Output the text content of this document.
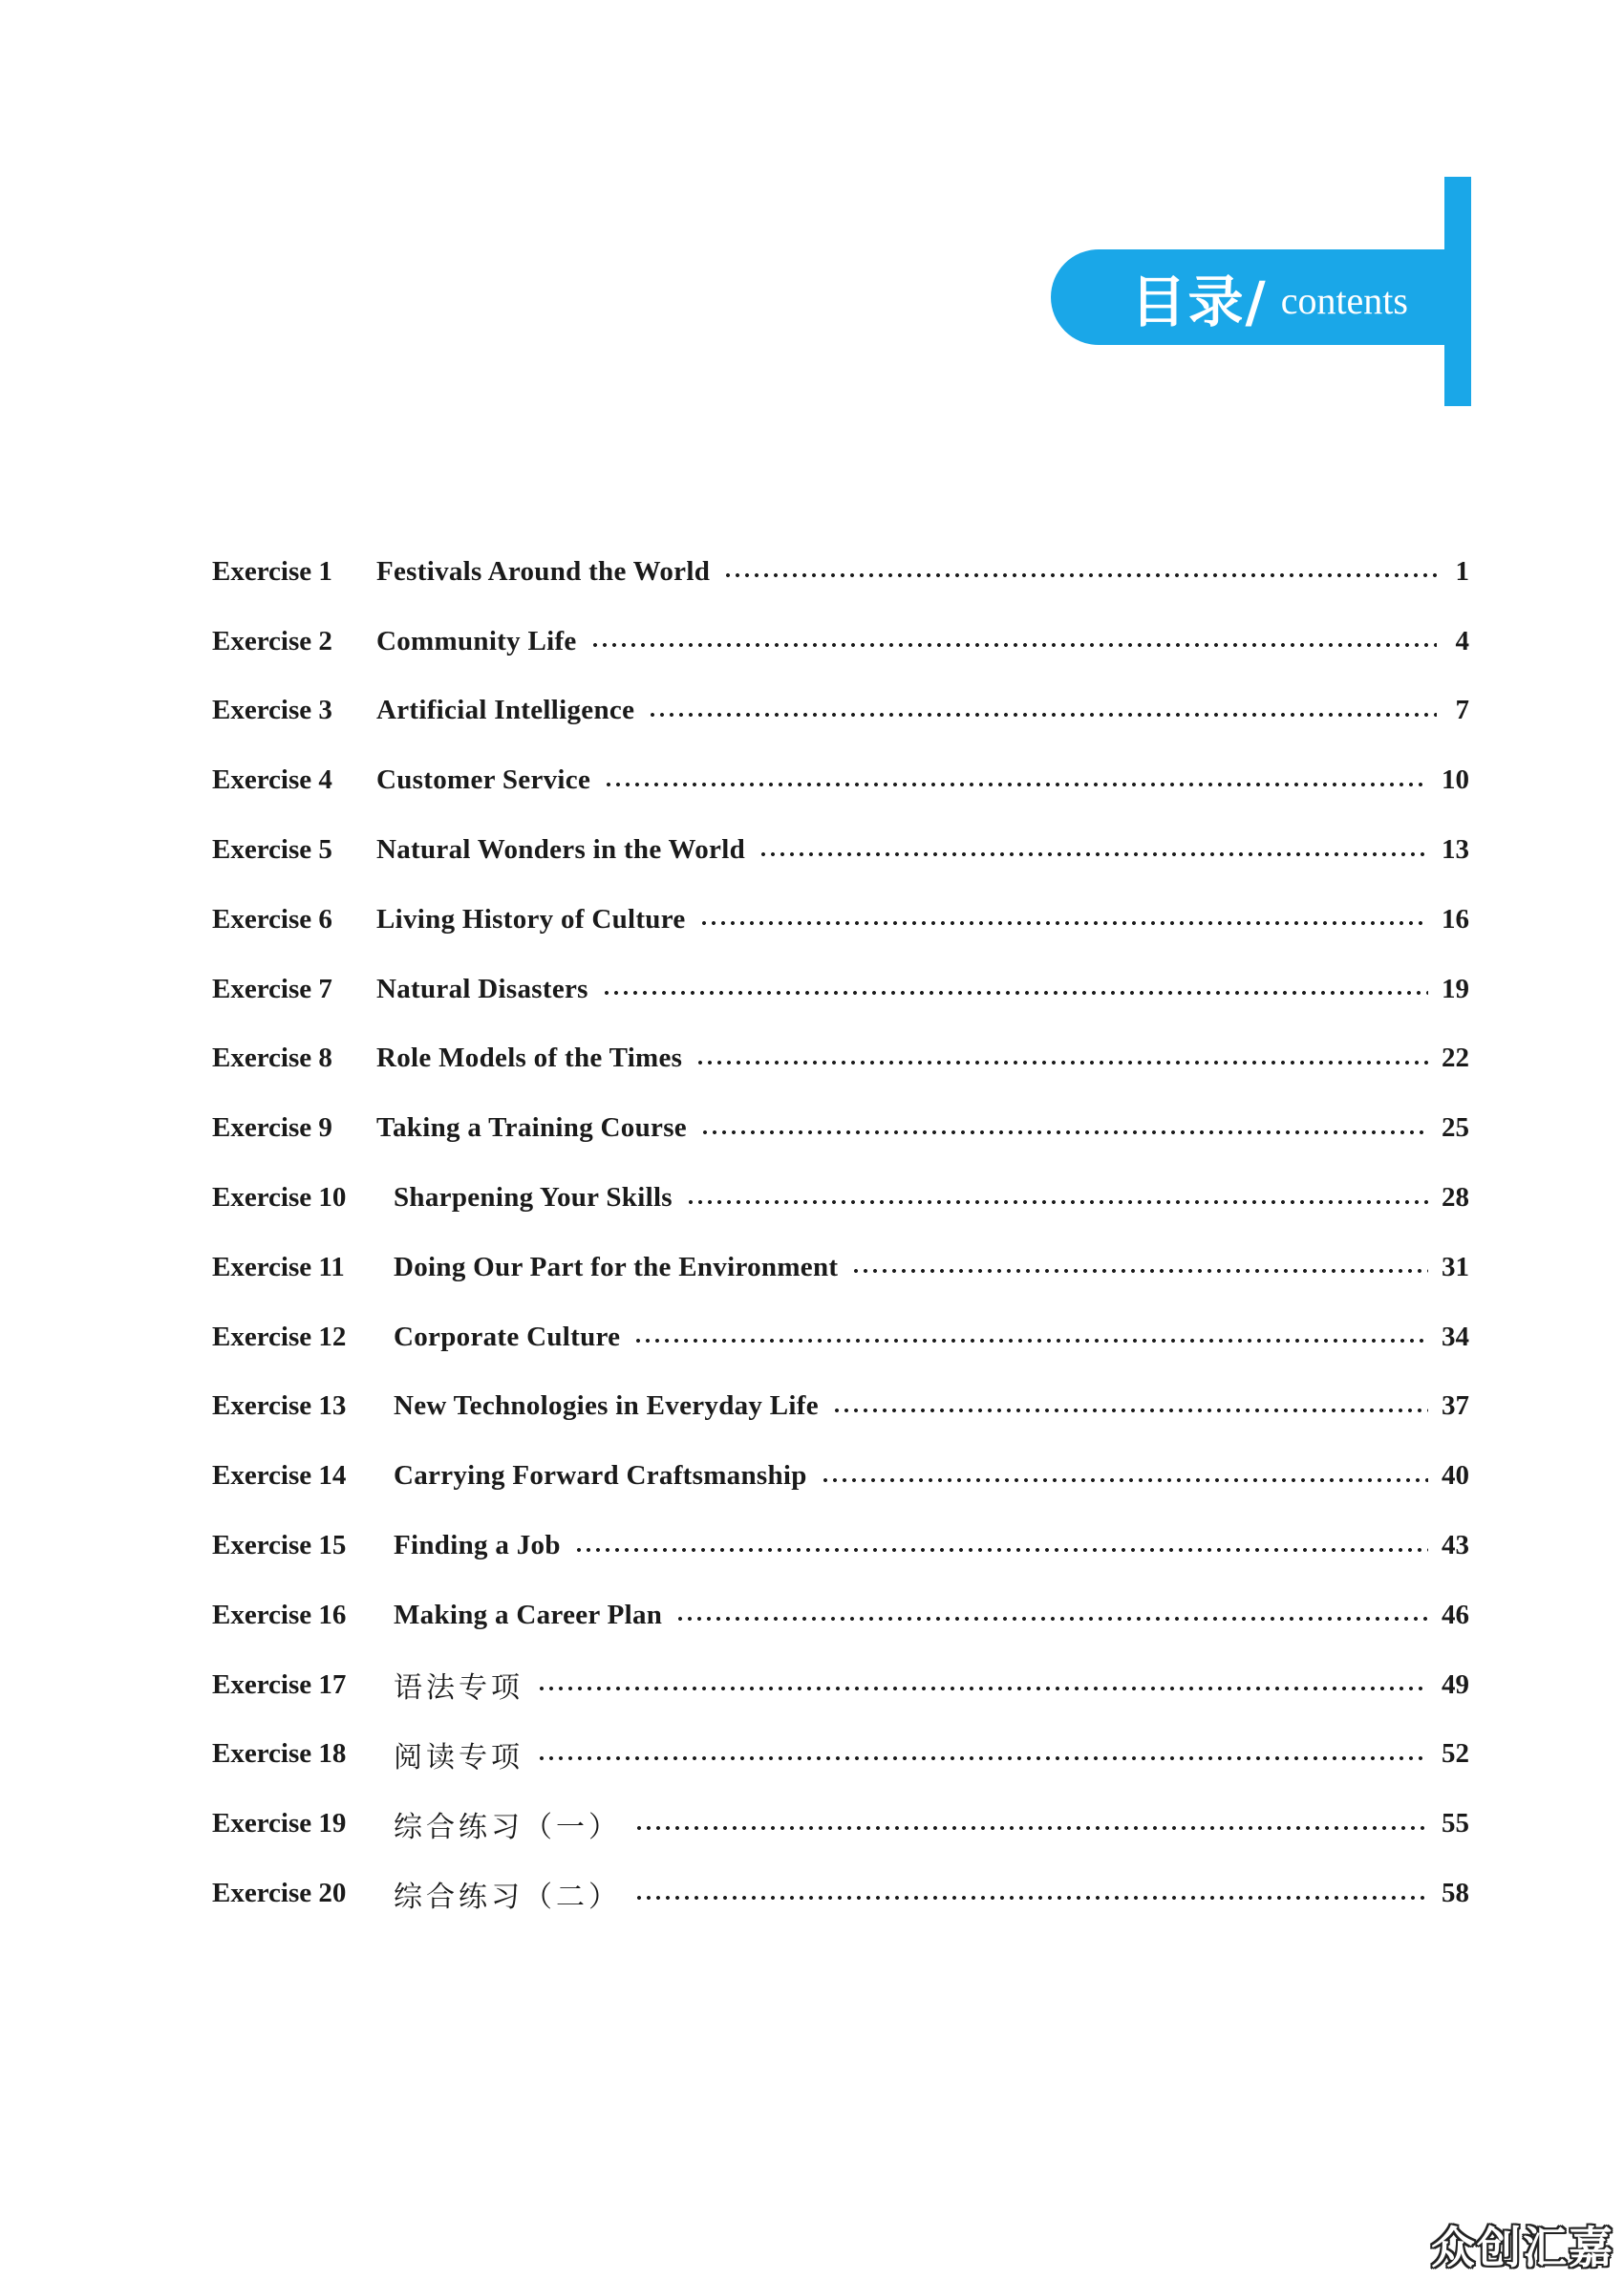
目录/ contents
Exercise 1	Festivals Around the World	1
Exercise 2	Community Life	4
Exercise 3	Artificial Intelligence	7
Exercise 4	Customer Service	10
Exercise 5	Natural Wonders in the World	13
Exercise 6	Living History of Culture	16
Exercise 7	Natural Disasters	19
Exercise 8	Role Models of the Times	22
Exercise 9	Taking a Training Course	25
Exercise 10	Sharpening Your Skills	28
Exercise 11	Doing Our Part for the Environment	31
Exercise 12	Corporate Culture	34
Exercise 13	New Technologies in Everyday Life	37
Exercise 14	Carrying Forward Craftsmanship	40
Exercise 15	Finding a Job	43
Exercise 16	Making a Career Plan	46
Exercise 17	语法专项	49
Exercise 18	阅读专项	52
Exercise 19	综合练习（一）	55
Exercise 20	综合练习（二）	58
众创汇嘉
